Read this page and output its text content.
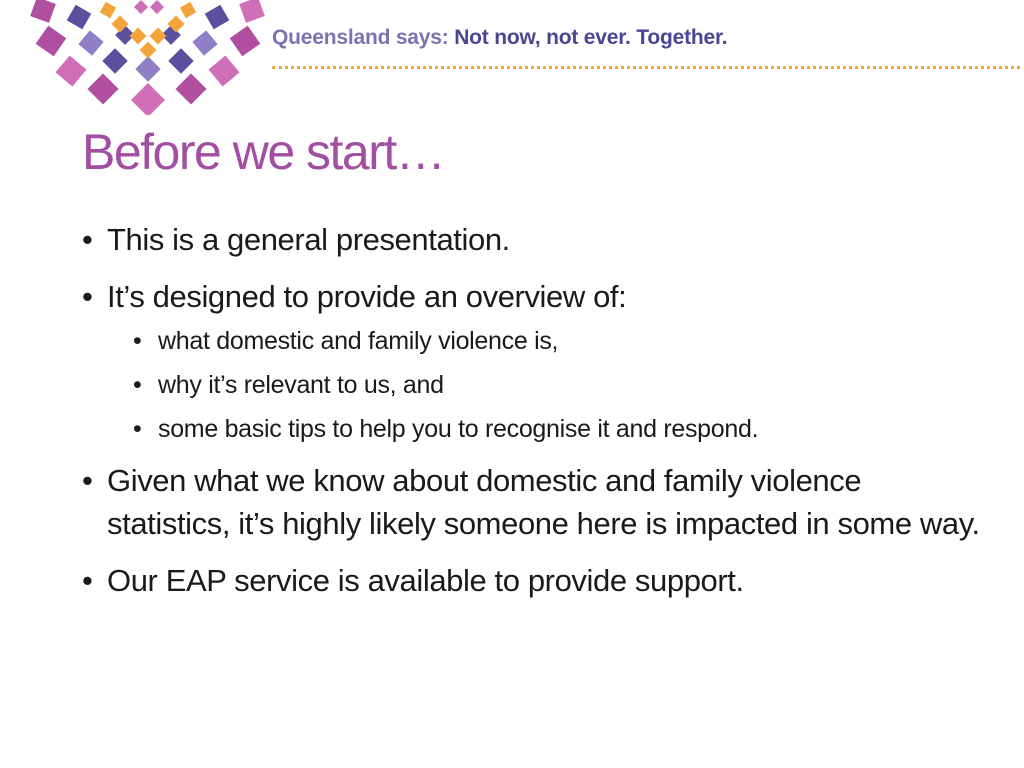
Queensland says: Not now, not ever. Together.
Before we start…
• This is a general presentation.
• It’s designed to provide an overview of:
• what domestic and family violence is,
• why it’s relevant to us, and
• some basic tips to help you to recognise it and respond.
• Given what we know about domestic and family violence statistics, it’s highly likely someone here is impacted in some way.
• Our EAP service is available to provide support.
